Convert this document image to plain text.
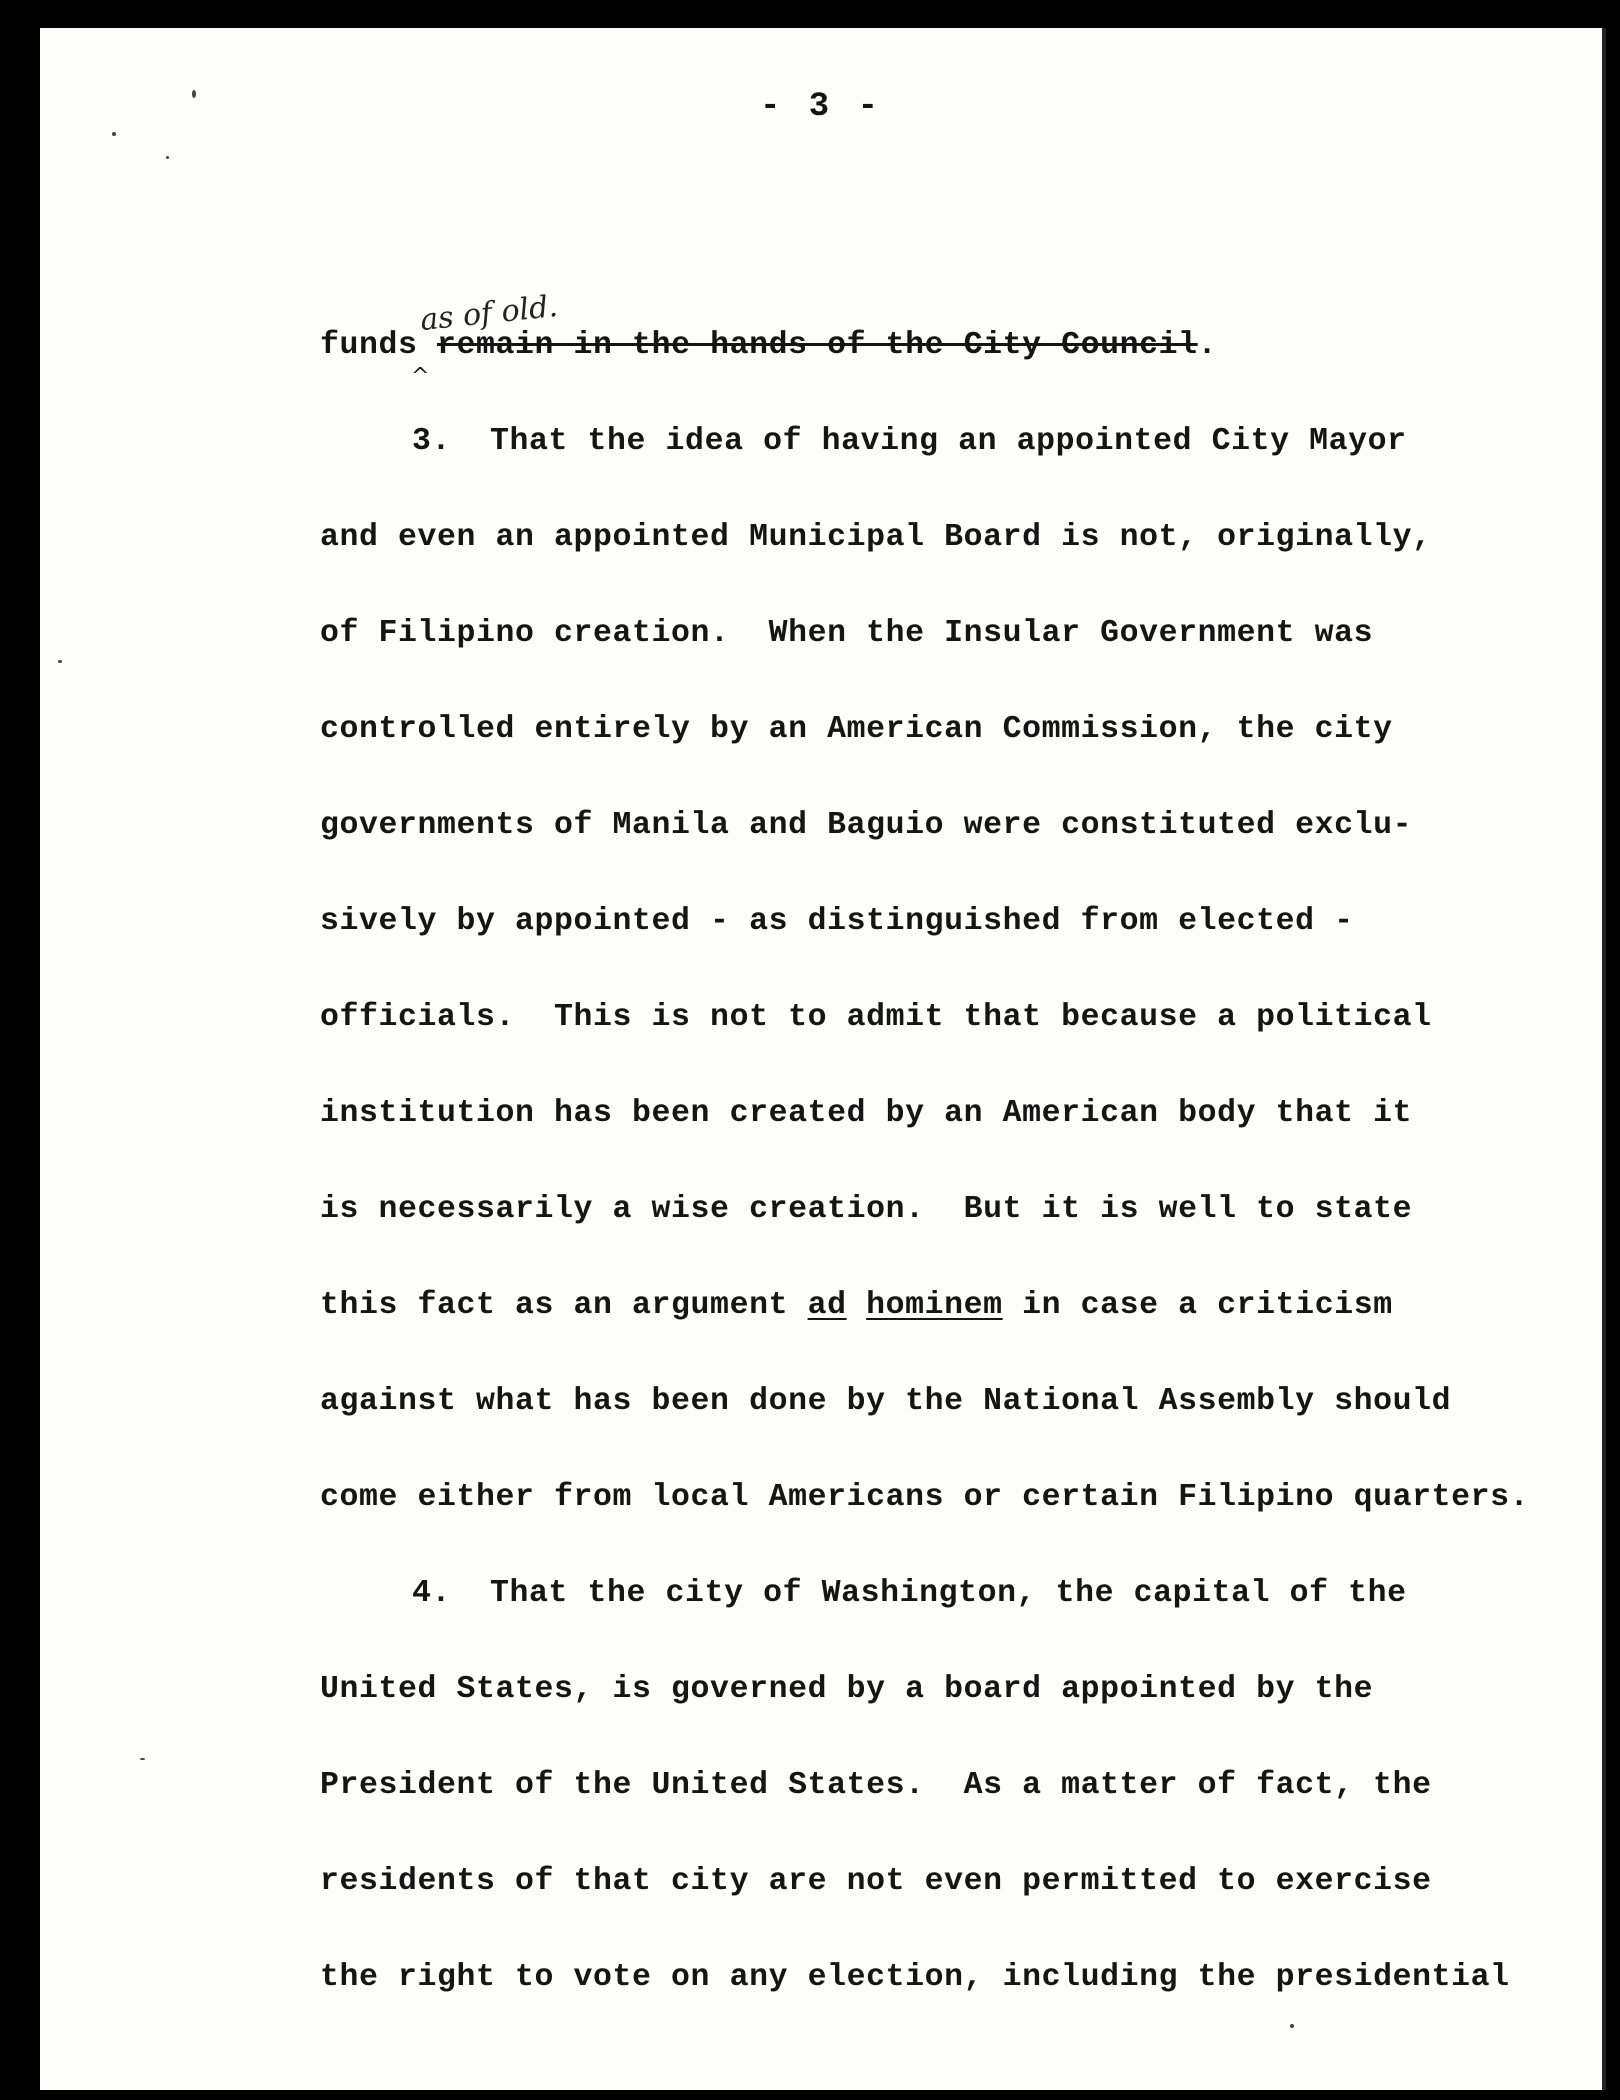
- 3 -
as of old.
^
funds remain in the hands of the City Council.
3. That the idea of having an appointed City Mayor
and even an appointed Municipal Board is not, originally,
of Filipino creation.  When the Insular Government was
controlled entirely by an American Commission, the city
governments of Manila and Baguio were constituted exclu-
sively by appointed - as distinguished from elected -
officials.  This is not to admit that because a political
institution has been created by an American body that it
is necessarily a wise creation.  But it is well to state
this fact as an argument ad hominem in case a criticism
against what has been done by the National Assembly should
come either from local Americans or certain Filipino quarters.
4. That the city of Washington, the capital of the
United States, is governed by a board appointed by the
President of the United States.  As a matter of fact, the
residents of that city are not even permitted to exercise
the right to vote on any election, including the presidential
